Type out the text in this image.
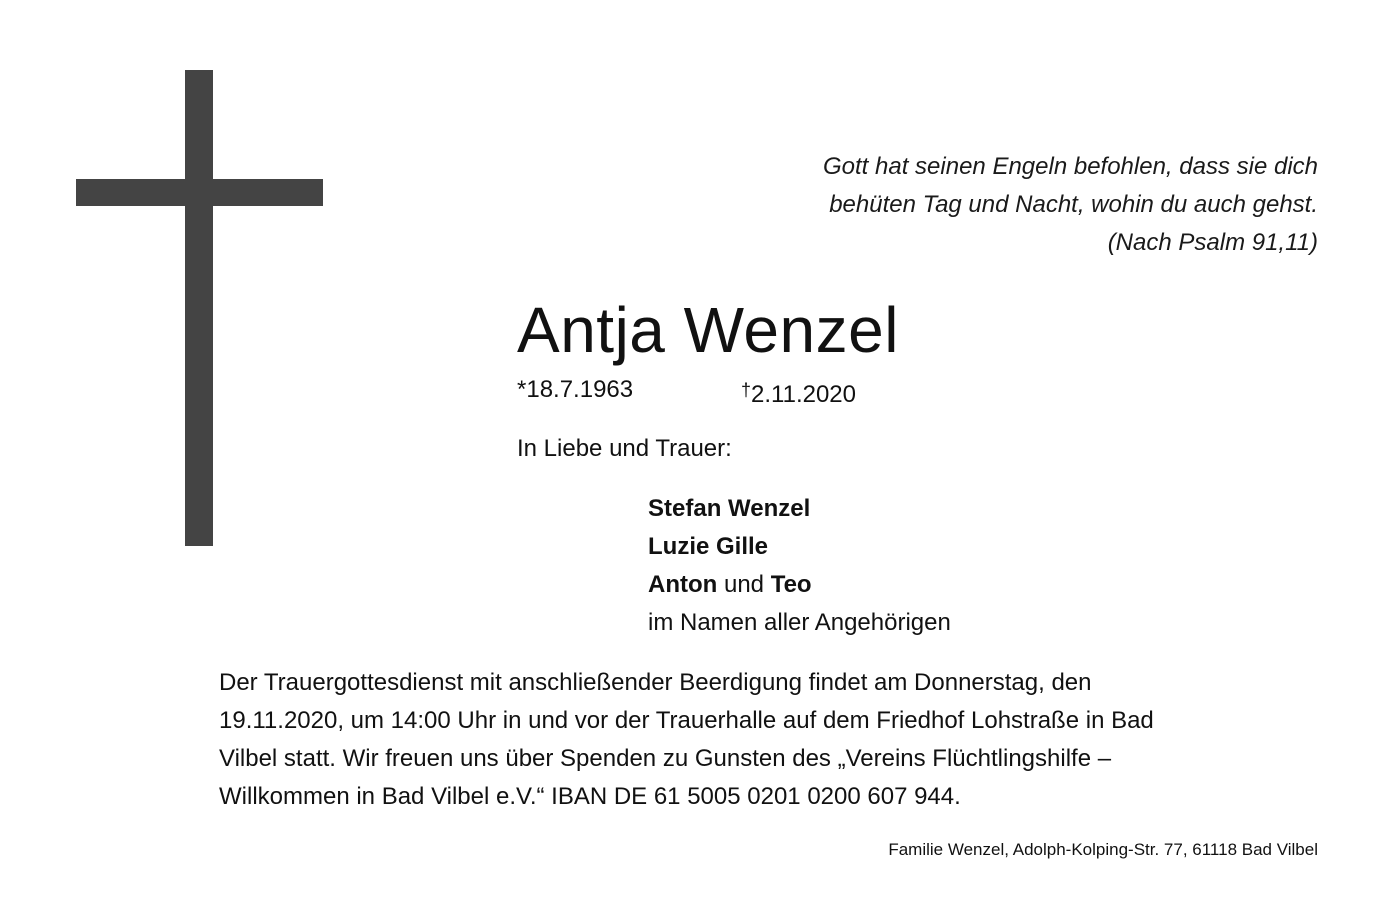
Gott hat seinen Engeln befohlen, dass sie dich
behüten Tag und Nacht, wohin du auch gehst.
(Nach Psalm 91,11)
Antja Wenzel
*18.7.1963	†2.11.2020
In Liebe und Trauer:
Stefan Wenzel
Luzie Gille
Anton und Teo
im Namen aller Angehörigen
Der Trauergottesdienst mit anschließender Beerdigung findet am Donnerstag, den
19.11.2020, um 14:00 Uhr in und vor der Trauerhalle auf dem Friedhof Lohstraße in Bad
Vilbel statt. Wir freuen uns über Spenden zu Gunsten des „Vereins Flüchtlingshilfe –
Willkommen in Bad Vilbel e.V.“ IBAN DE 61 5005 0201 0200 607 944.
Familie Wenzel, Adolph-Kolping-Str. 77, 61118 Bad Vilbel
